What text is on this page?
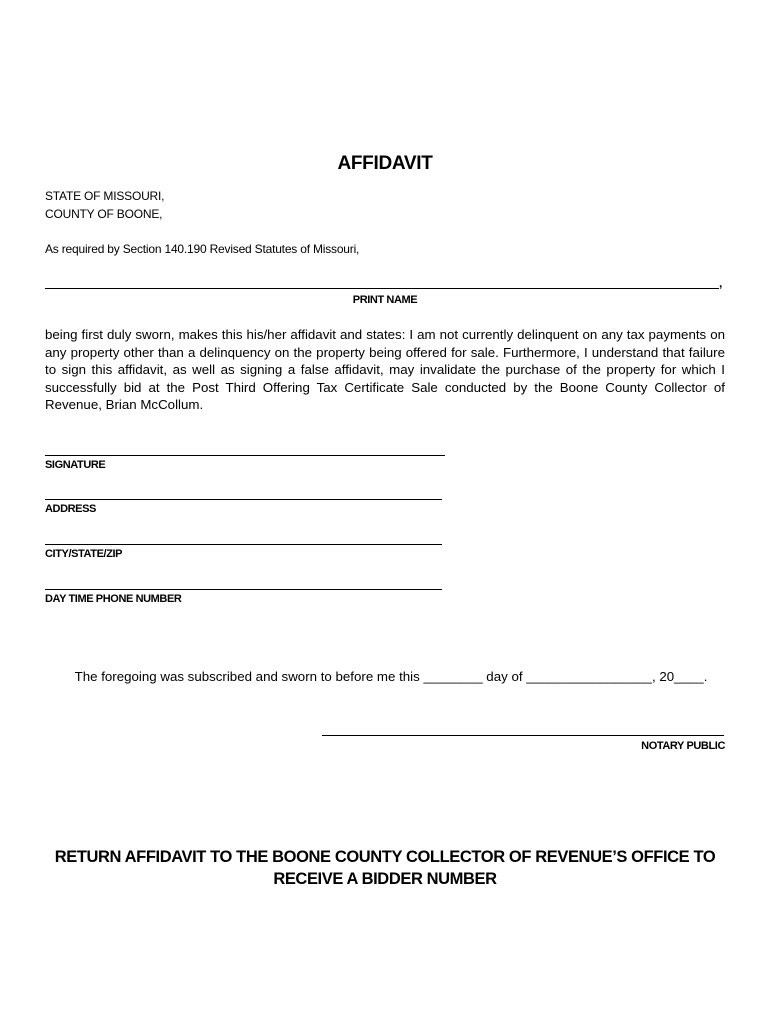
AFFIDAVIT
STATE OF MISSOURI,
COUNTY OF BOONE,
As required by Section 140.190 Revised Statutes of Missouri,
,
PRINT NAME
being first duly sworn, makes this his/her affidavit and states: I am not currently delinquent on any tax payments on any property other than a delinquency on the property being offered for sale. Furthermore, I understand that failure to sign this affidavit, as well as signing a false affidavit, may invalidate the purchase of the property for which I successfully bid at the Post Third Offering Tax Certificate Sale conducted by the Boone County Collector of Revenue, Brian McCollum.
SIGNATURE
ADDRESS
CITY/STATE/ZIP
DAY TIME PHONE NUMBER
The foregoing was subscribed and sworn to before me this ________ day of _________________, 20____.
NOTARY PUBLIC
RETURN AFFIDAVIT TO THE BOONE COUNTY COLLECTOR OF REVENUE’S OFFICE TO
RECEIVE A BIDDER NUMBER
